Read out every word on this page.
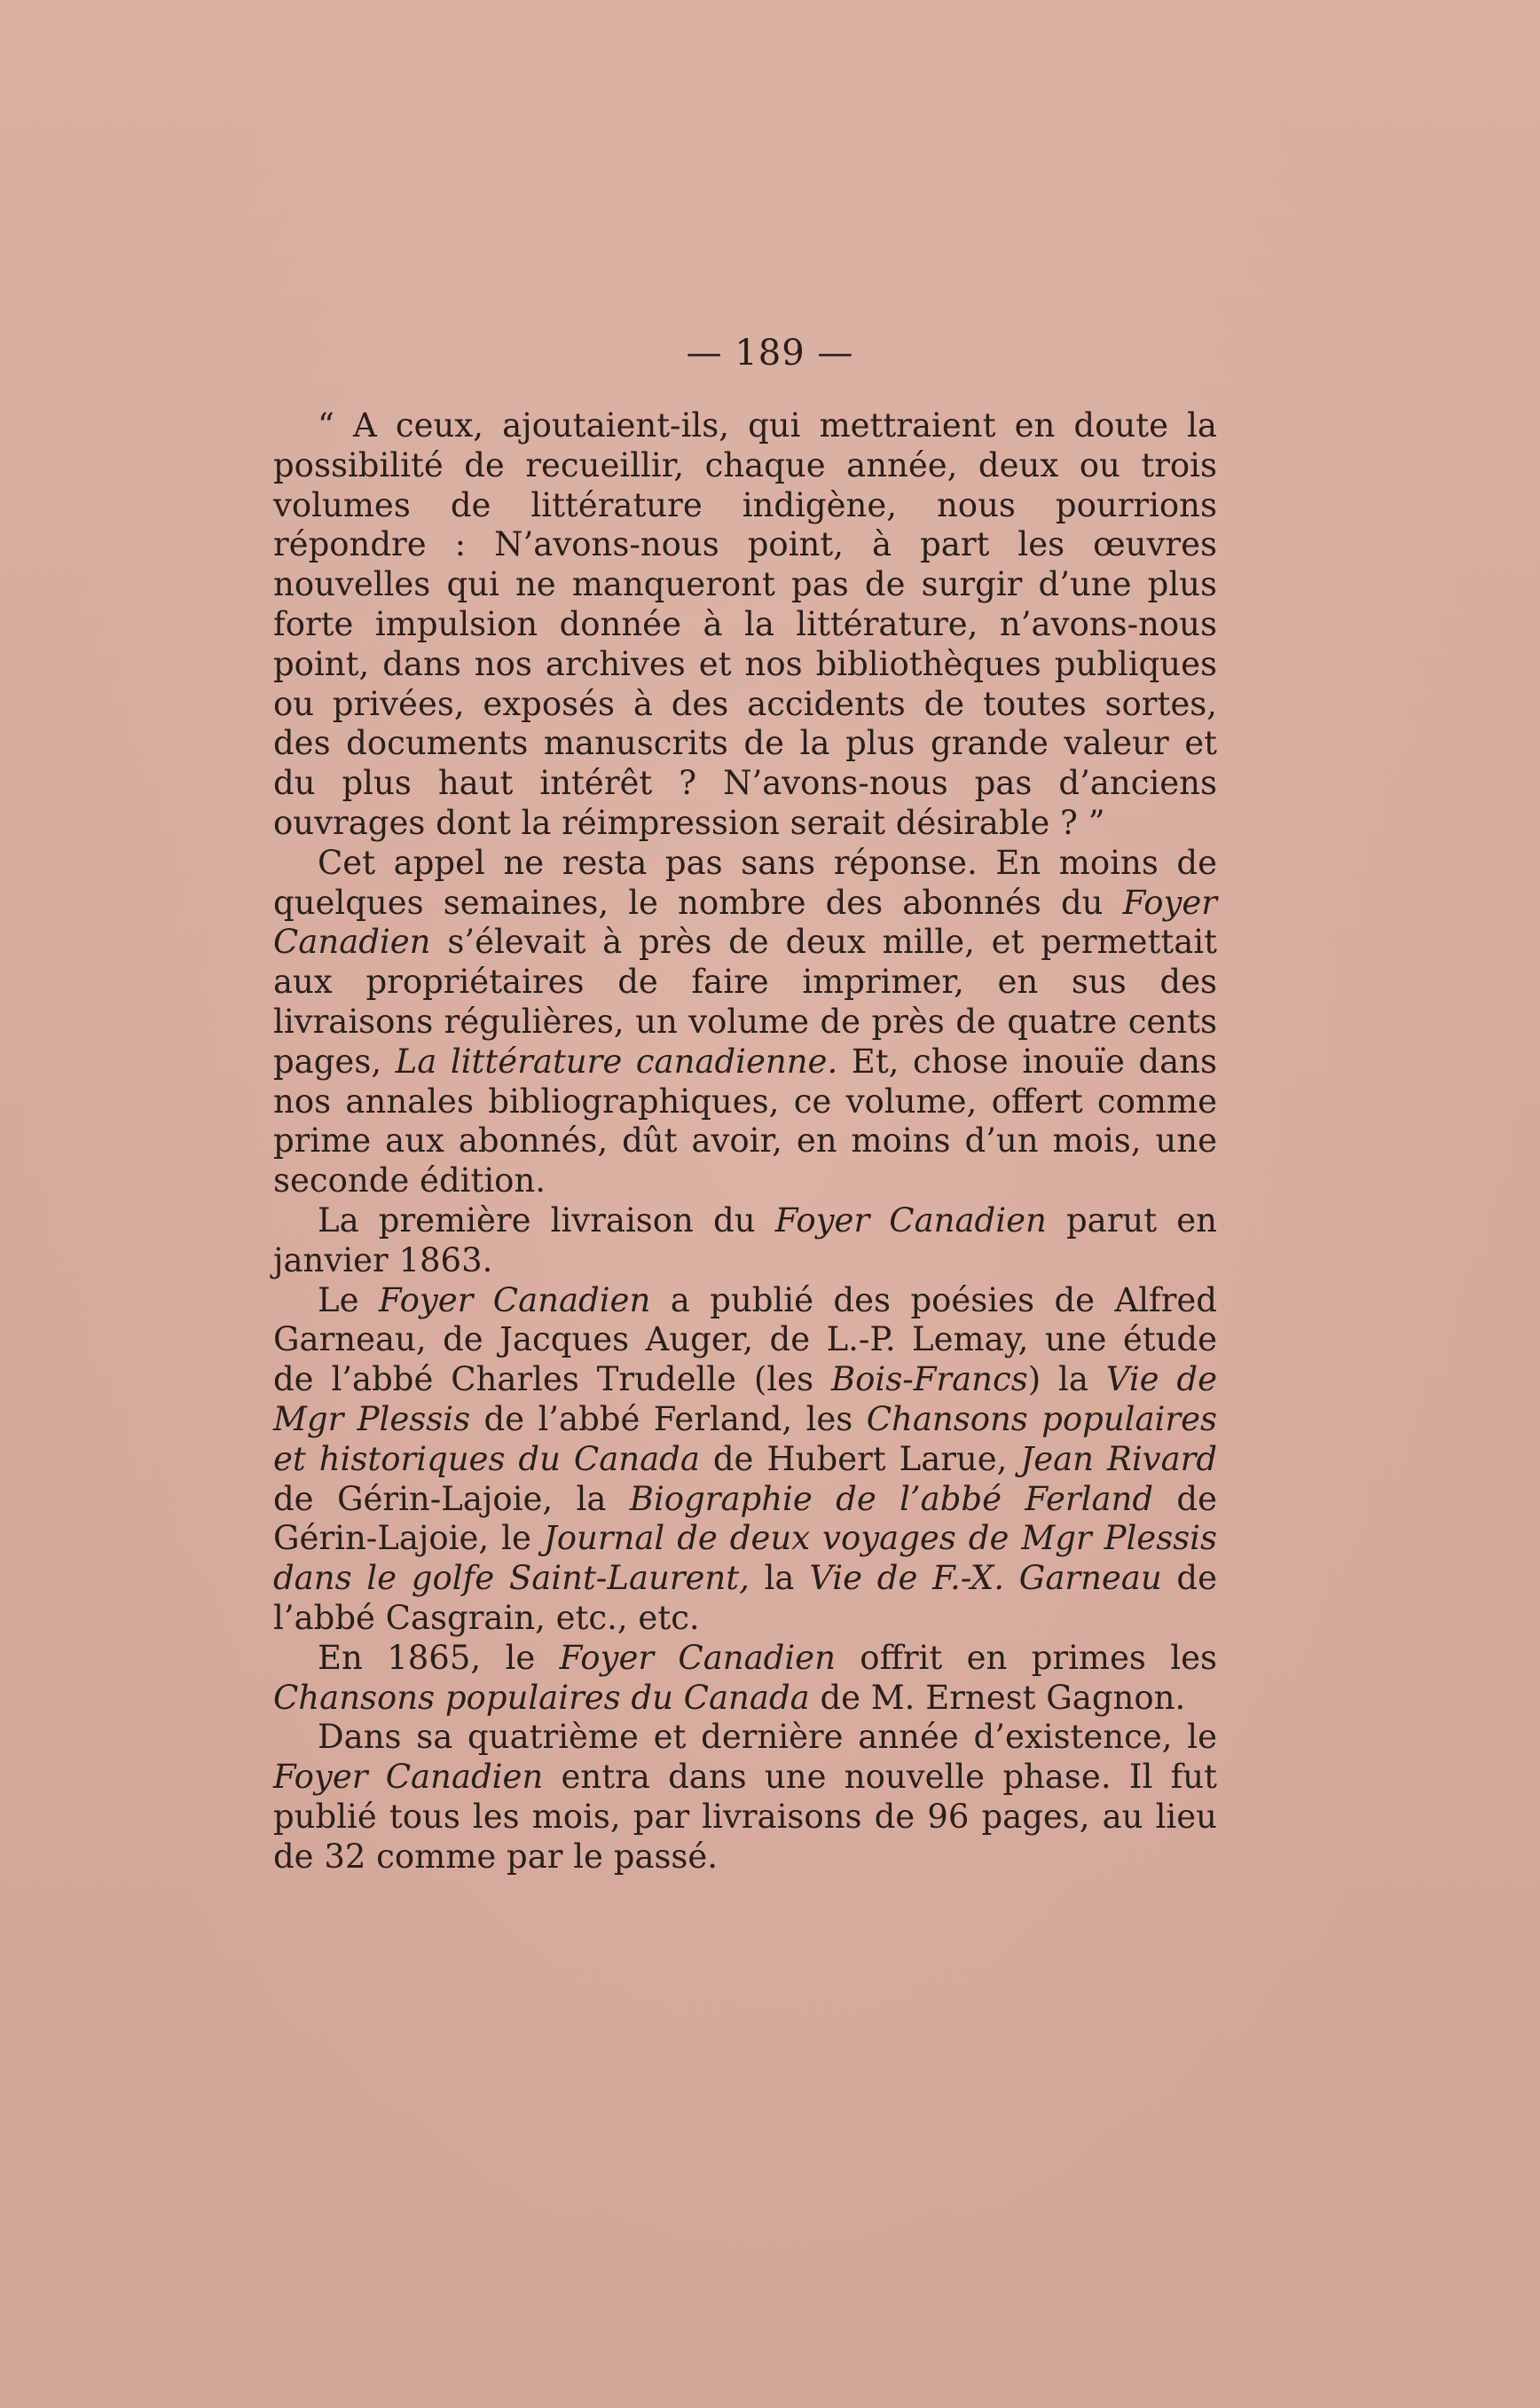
— 189 —

“ A ceux, ajoutaient-ils, qui mettraient en doute la possibilité de recueillir, chaque année, deux ou trois volumes de littérature indigène, nous pourrions répondre : N’avons-nous point, à part les œuvres nouvelles qui ne manqueront pas de surgir d’une plus forte impulsion donnée à la littérature, n’avons-nous point, dans nos archives et nos bibliothèques publiques ou privées, exposés à des accidents de toutes sortes, des documents manuscrits de la plus grande valeur et du plus haut intérêt ? N’avons-nous pas d’anciens ouvrages dont la réimpression serait désirable ? ”

Cet appel ne resta pas sans réponse. En moins de quelques semaines, le nombre des abonnés du Foyer Canadien s’élevait à près de deux mille, et permettait aux propriétaires de faire imprimer, en sus des livraisons régulières, un volume de près de quatre cents pages, La littérature canadienne. Et, chose inouïe dans nos annales bibliographiques, ce volume, offert comme prime aux abonnés, dût avoir, en moins d’un mois, une seconde édition.

La première livraison du Foyer Canadien parut en janvier 1863.

Le Foyer Canadien a publié des poésies de Alfred Garneau, de Jacques Auger, de L.-P. Lemay, une étude de l’abbé Charles Trudelle (les Bois-Francs) la Vie de Mgr Plessis de l’abbé Ferland, les Chansons populaires et historiques du Canada de Hubert Larue, Jean Rivard de Gérin-Lajoie, la Biographie de l’abbé Ferland de Gérin-Lajoie, le Journal de deux voyages de Mgr Plessis dans le golfe Saint-Laurent, la Vie de F.-X. Garneau de l’abbé Casgrain, etc., etc.

En 1865, le Foyer Canadien offrit en primes les Chansons populaires du Canada de M. Ernest Gagnon.

Dans sa quatrième et dernière année d’existence, le Foyer Canadien entra dans une nouvelle phase. Il fut publié tous les mois, par livraisons de 96 pages, au lieu de 32 comme par le passé.
